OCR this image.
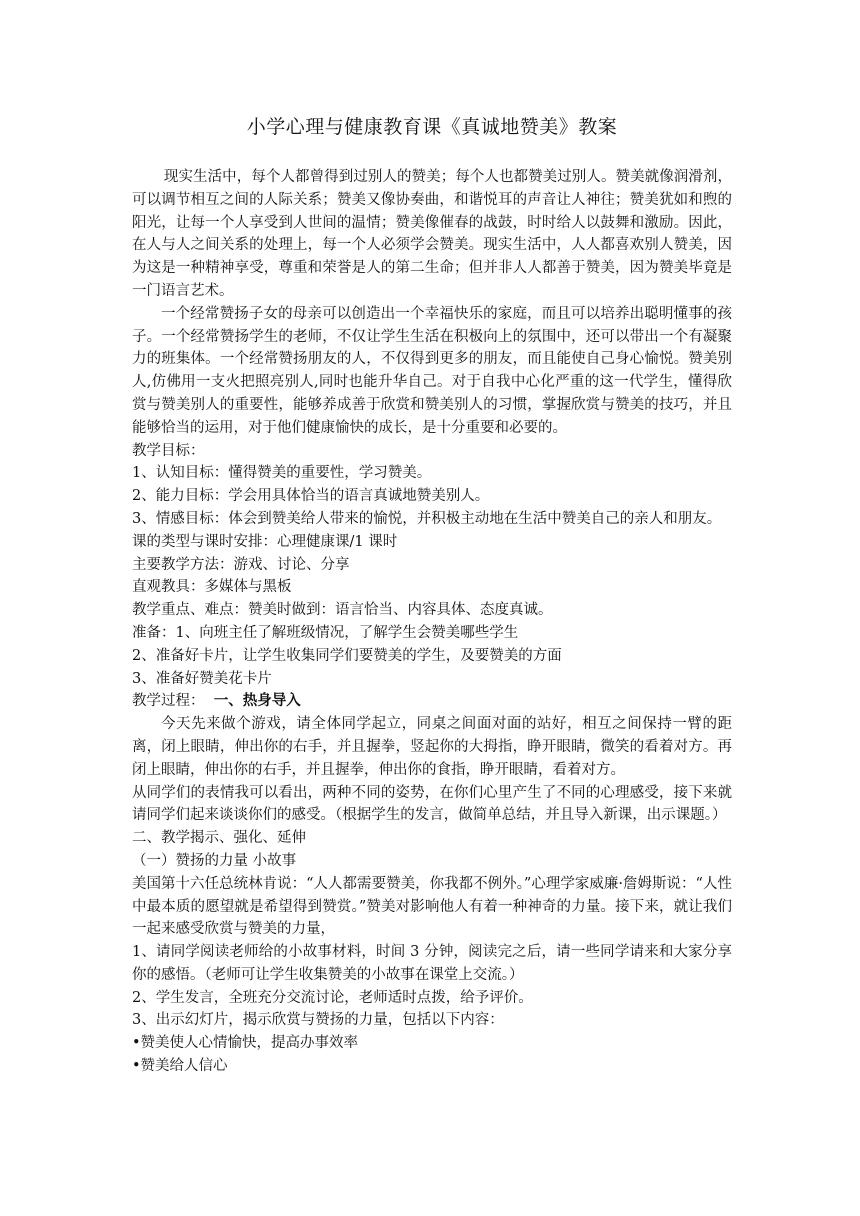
小学心理与健康教育课《真诚地赞美》教案

现实生活中，每个人都曾得到过别人的赞美；每个人也都赞美过别人。赞美就像润滑剂，可以调节相互之间的人际关系；赞美又像协奏曲，和谐悦耳的声音让人神往；赞美犹如和煦的阳光，让每一个人享受到人世间的温情；赞美像催春的战鼓，时时给人以鼓舞和激励。因此，在人与人之间关系的处理上，每一个人必须学会赞美。现实生活中，人人都喜欢别人赞美，因为这是一种精神享受，尊重和荣誉是人的第二生命；但并非人人都善于赞美，因为赞美毕竟是一门语言艺术。

一个经常赞扬子女的母亲可以创造出一个幸福快乐的家庭，而且可以培养出聪明懂事的孩子。一个经常赞扬学生的老师，不仅让学生生活在积极向上的氛围中，还可以带出一个有凝聚力的班集体。一个经常赞扬朋友的人，不仅得到更多的朋友，而且能使自己身心愉悦。赞美别人,仿佛用一支火把照亮别人,同时也能升华自己。对于自我中心化严重的这一代学生，懂得欣赏与赞美别人的重要性，能够养成善于欣赏和赞美别人的习惯，掌握欣赏与赞美的技巧，并且能够恰当的运用，对于他们健康愉快的成长，是十分重要和必要的。

教学目标：

1、认知目标：懂得赞美的重要性，学习赞美。

2、能力目标：学会用具体恰当的语言真诚地赞美别人。

3、情感目标：体会到赞美给人带来的愉悦，并积极主动地在生活中赞美自己的亲人和朋友。

课的类型与课时安排：心理健康课/1 课时

主要教学方法：游戏、讨论、分享

直观教具：多媒体与黑板

教学重点、难点：赞美时做到：语言恰当、内容具体、态度真诚。

准备：1、向班主任了解班级情况，了解学生会赞美哪些学生

2、准备好卡片，让学生收集同学们要赞美的学生，及要赞美的方面

3、准备好赞美花卡片

教学过程： 一、热身导入

今天先来做个游戏，请全体同学起立，同桌之间面对面的站好，相互之间保持一臂的距离，闭上眼睛，伸出你的右手，并且握拳，竖起你的大拇指，睁开眼睛，微笑的看着对方。再闭上眼睛，伸出你的右手，并且握拳，伸出你的食指，睁开眼睛，看着对方。

从同学们的表情我可以看出，两种不同的姿势，在你们心里产生了不同的心理感受，接下来就请同学们起来谈谈你们的感受。（根据学生的发言，做简单总结，并且导入新课，出示课题。）

二、教学揭示、强化、延伸

（一）赞扬的力量 小故事

美国第十六任总统林肯说：“人人都需要赞美，你我都不例外。”心理学家威廉·詹姆斯说：“人性中最本质的愿望就是希望得到赞赏。”赞美对影响他人有着一种神奇的力量。接下来，就让我们一起来感受欣赏与赞美的力量，

1、请同学阅读老师给的小故事材料，时间 3 分钟，阅读完之后，请一些同学请来和大家分享你的感悟。（老师可让学生收集赞美的小故事在课堂上交流。）

2、学生发言，全班充分交流讨论，老师适时点拨，给予评价。

3、出示幻灯片，揭示欣赏与赞扬的力量，包括以下内容：

•赞美使人心情愉快，提高办事效率

•赞美给人信心
